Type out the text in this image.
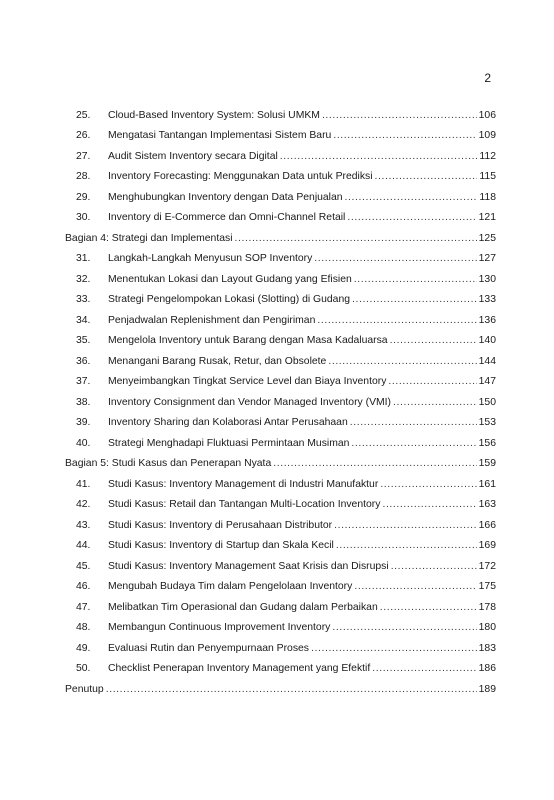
2
25.	Cloud-Based Inventory System: Solusi UMKM .....	106
26.	Mengatasi Tantangan Implementasi Sistem Baru .....	109
27.	Audit Sistem Inventory secara Digital .....	112
28.	Inventory Forecasting: Menggunakan Data untuk Prediksi .....	115
29.	Menghubungkan Inventory dengan Data Penjualan .....	118
30.	Inventory di E-Commerce dan Omni-Channel Retail .....	121
Bagian 4: Strategi dan Implementasi .....	125
31.	Langkah-Langkah Menyusun SOP Inventory .....	127
32.	Menentukan Lokasi dan Layout Gudang yang Efisien .....	130
33.	Strategi Pengelompokan Lokasi (Slotting) di Gudang .....	133
34.	Penjadwalan Replenishment dan Pengiriman .....	136
35.	Mengelola Inventory untuk Barang dengan Masa Kadaluarsa .....	140
36.	Menangani Barang Rusak, Retur, dan Obsolete .....	144
37.	Menyeimbangkan Tingkat Service Level dan Biaya Inventory .....	147
38.	Inventory Consignment dan Vendor Managed Inventory (VMI) .....	150
39.	Inventory Sharing dan Kolaborasi Antar Perusahaan .....	153
40.	Strategi Menghadapi Fluktuasi Permintaan Musiman .....	156
Bagian 5: Studi Kasus dan Penerapan Nyata .....	159
41.	Studi Kasus: Inventory Management di Industri Manufaktur .....	161
42.	Studi Kasus: Retail dan Tantangan Multi-Location Inventory .....	163
43.	Studi Kasus: Inventory di Perusahaan Distributor .....	166
44.	Studi Kasus: Inventory di Startup dan Skala Kecil .....	169
45.	Studi Kasus: Inventory Management Saat Krisis dan Disrupsi .....	172
46.	Mengubah Budaya Tim dalam Pengelolaan Inventory .....	175
47.	Melibatkan Tim Operasional dan Gudang dalam Perbaikan .....	178
48.	Membangun Continuous Improvement Inventory .....	180
49.	Evaluasi Rutin dan Penyempurnaan Proses .....	183
50.	Checklist Penerapan Inventory Management yang Efektif .....	186
Penutup .....	189
